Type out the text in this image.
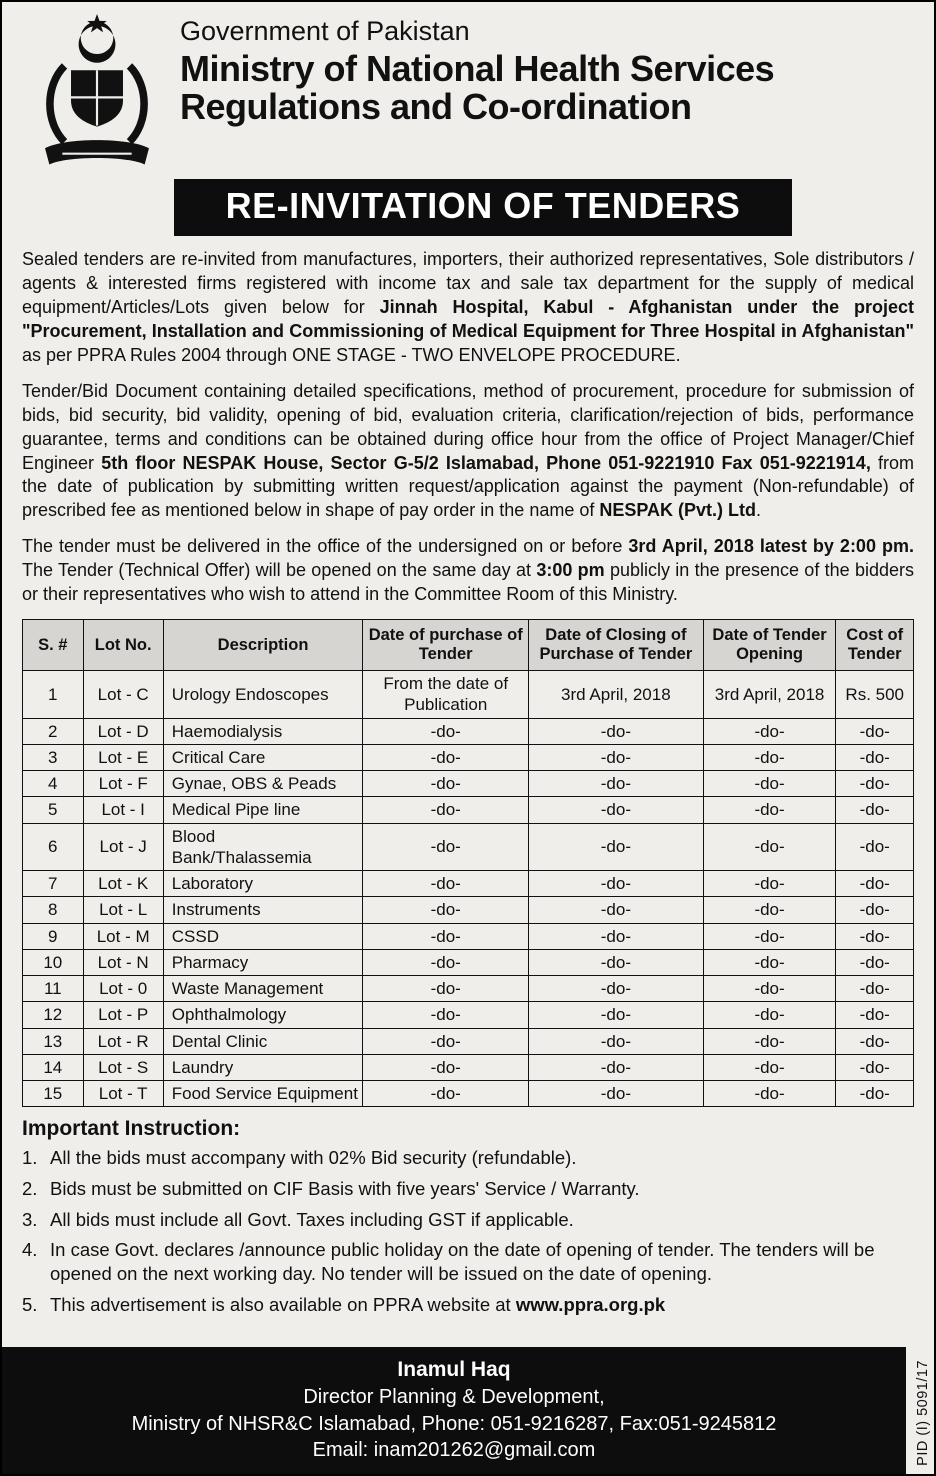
Government of Pakistan
Ministry of National Health Services
Regulations and Co-ordination
RE-INVITATION OF TENDERS

Sealed tenders are re-invited from manufactures, importers, their authorized representatives, Sole distributors / agents & interested firms registered with income tax and sale tax department for the supply of medical equipment/Articles/Lots given below for Jinnah Hospital, Kabul - Afghanistan under the project "Procurement, Installation and Commissioning of Medical Equipment for Three Hospital in Afghanistan" as per PPRA Rules 2004 through ONE STAGE - TWO ENVELOPE PROCEDURE.

Tender/Bid Document containing detailed specifications, method of procurement, procedure for submission of bids, bid security, bid validity, opening of bid, evaluation criteria, clarification/rejection of bids, performance guarantee, terms and conditions can be obtained during office hour from the office of Project Manager/Chief Engineer 5th floor NESPAK House, Sector G-5/2 Islamabad, Phone 051-9221910 Fax 051-9221914, from the date of publication by submitting written request/application against the payment (Non-refundable) of prescribed fee as mentioned below in shape of pay order in the name of NESPAK (Pvt.) Ltd.

The tender must be delivered in the office of the undersigned on or before 3rd April, 2018 latest by 2:00 pm. The Tender (Technical Offer) will be opened on the same day at 3:00 pm publicly in the presence of the bidders or their representatives who wish to attend in the Committee Room of this Ministry.

S. #	Lot No.	Description	Date of purchase of Tender	Date of Closing of Purchase of Tender	Date of Tender Opening	Cost of Tender
1	Lot - C	Urology Endoscopes	From the date of Publication	3rd April, 2018	3rd April, 2018	Rs. 500
2	Lot - D	Haemodialysis	-do-	-do-	-do-	-do-
3	Lot - E	Critical Care	-do-	-do-	-do-	-do-
4	Lot - F	Gynae, OBS & Peads	-do-	-do-	-do-	-do-
5	Lot - I	Medical Pipe line	-do-	-do-	-do-	-do-
6	Lot - J	Blood Bank/Thalassemia	-do-	-do-	-do-	-do-
7	Lot - K	Laboratory	-do-	-do-	-do-	-do-
8	Lot - L	Instruments	-do-	-do-	-do-	-do-
9	Lot - M	CSSD	-do-	-do-	-do-	-do-
10	Lot - N	Pharmacy	-do-	-do-	-do-	-do-
11	Lot - 0	Waste Management	-do-	-do-	-do-	-do-
12	Lot - P	Ophthalmology	-do-	-do-	-do-	-do-
13	Lot - R	Dental Clinic	-do-	-do-	-do-	-do-
14	Lot - S	Laundry	-do-	-do-	-do-	-do-
15	Lot - T	Food Service Equipment	-do-	-do-	-do-	-do-
Important Instruction:
1. All the bids must accompany with 02% Bid security (refundable).
2. Bids must be submitted on CIF Basis with five years' Service / Warranty.
3. All bids must include all Govt. Taxes including GST if applicable.
4. In case Govt. declares /announce public holiday on the date of opening of tender. The tenders will be opened on the next working day. No tender will be issued on the date of opening.
5. This advertisement is also available on PPRA website at www.ppra.org.pk
Inamul Haq
Director Planning & Development,
Ministry of NHSR&C Islamabad, Phone: 051-9216287, Fax:051-9245812
Email: inam201262@gmail.com	PID (I) 5091/17
